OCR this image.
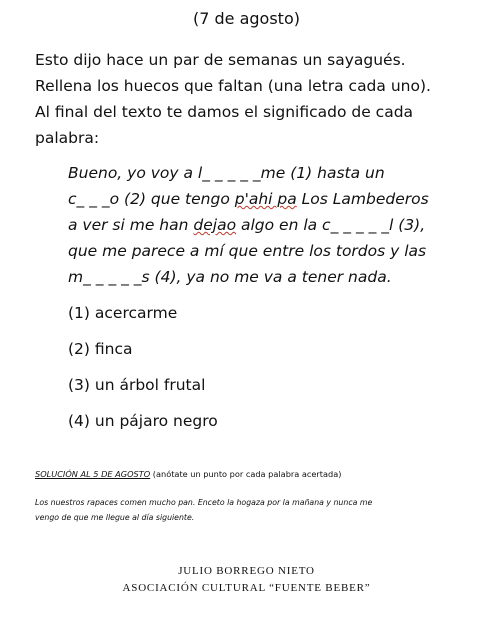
(7 de agosto)
Esto dijo hace un par de semanas un sayagués.
Rellena los huecos que faltan (una letra cada uno).
Al final del texto te damos el significado de cada
palabra:
Bueno, yo voy a l_ _ _ _ _me (1) hasta un
c_ _ _o (2) que tengo p'ahi pa Los Lambederos
a ver si me han dejao algo en la c_ _ _ _ _l (3),
que me parece a mí que entre los tordos y las
m_ _ _ _ _s (4), ya no me va a tener nada.
(1) acercarme
(2) finca
(3) un árbol frutal
(4) un pájaro negro
SOLUCIÓN AL 5 DE AGOSTO (anótate un punto por cada palabra acertada)
Los nuestros rapaces comen mucho pan. Enceto la hogaza por la mañana y nunca me
vengo de que me llegue al día siguiente.
JULIO BORREGO NIETO
ASOCIACIÓN CULTURAL “FUENTE BEBER”
